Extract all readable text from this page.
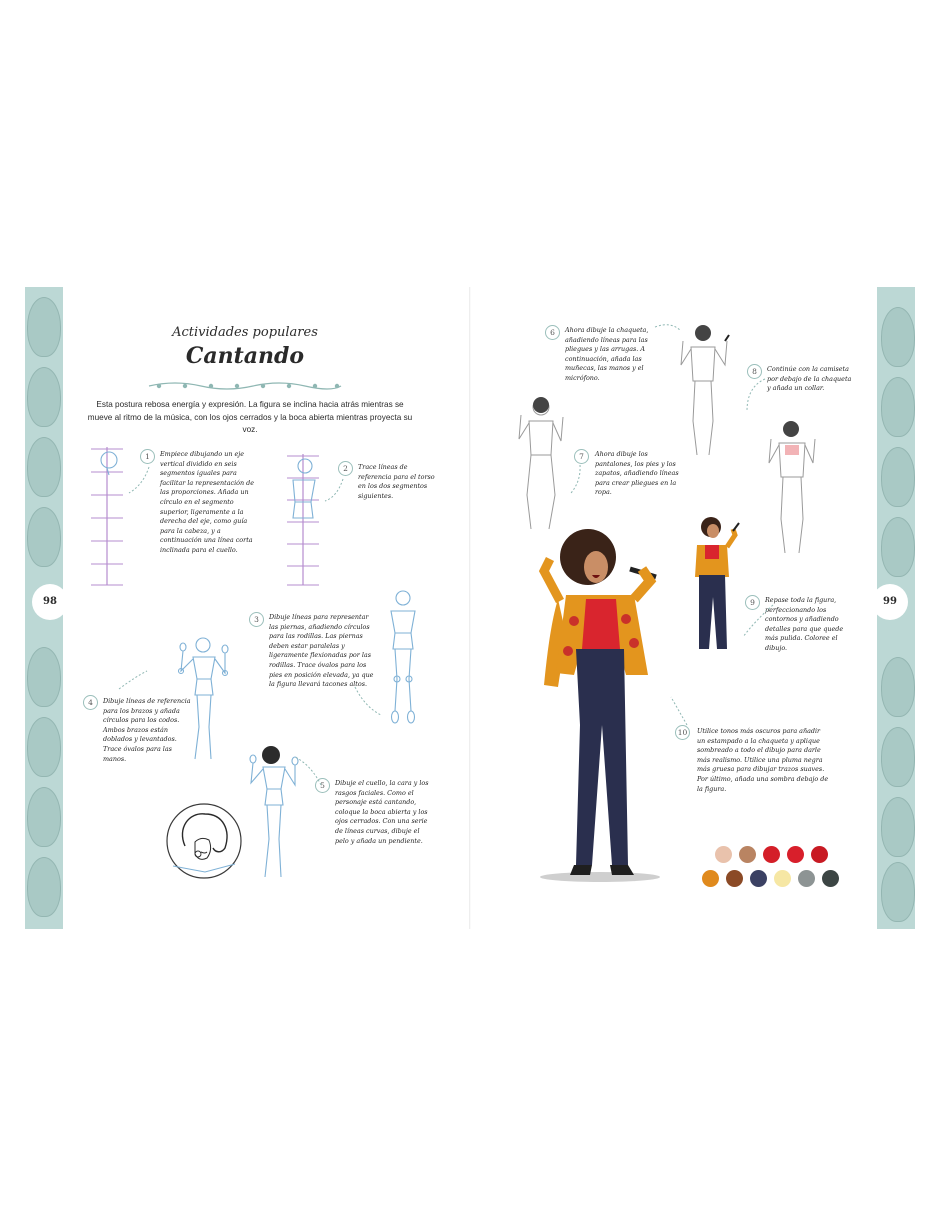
98	99
Actividades populares
Cantando
Esta postura rebosa energía y expresión. La figura se inclina hacia atrás mientras se mueve al ritmo de la música, con los ojos cerrados y la boca abierta mientras proyecta su voz.
1	Empiece dibujando un eje vertical dividido en seis segmentos iguales para facilitar la representación de las proporciones. Añada un círculo en el segmento superior, ligeramente a la derecha del eje, como guía para la cabeza, y a continuación una línea corta inclinada para el cuello.
2	Trace líneas de referencia para el torso en los dos segmentos siguientes.
3	Dibuje líneas para representar las piernas, añadiendo círculos para las rodillas. Las piernas deben estar paralelas y ligeramente flexionadas por las rodillas. Trace óvalos para los pies en posición elevada, ya que la figura llevará tacones altos.
4	Dibuje líneas de referencia para los brazos y añada círculos para los codos. Ambos brazos están doblados y levantados. Trace óvalos para las manos.
5	Dibuje el cuello, la cara y los rasgos faciales. Como el personaje está cantando, coloque la boca abierta y los ojos cerrados. Con una serie de líneas curvas, dibuje el pelo y añada un pendiente.
6	Ahora dibuje la chaqueta, añadiendo líneas para las pliegues y las arrugas. A continuación, añada las muñecas, las manos y el micrófono.
7	Ahora dibuje los pantalones, los pies y los zapatos, añadiendo líneas para crear pliegues en la ropa.
8	Continúe con la camiseta por debajo de la chaqueta y añada un collar.
9	Repase toda la figura, perfeccionando los contornos y añadiendo detalles para que quede más pulida. Coloree el dibujo.
10	Utilice tonos más oscuros para añadir un estampado a la chaqueta y aplique sombreado a todo el dibujo para darle más realismo. Utilice una pluma negra más gruesa para dibujar trazos suaves. Por último, añada una sombra debajo de la figura.
